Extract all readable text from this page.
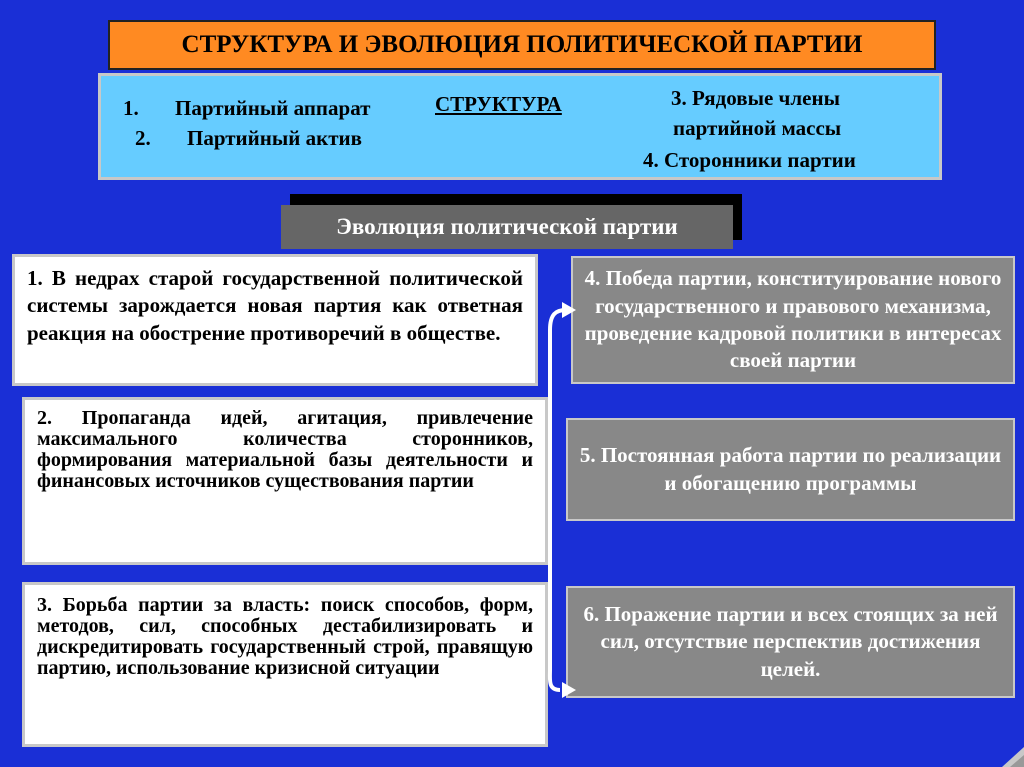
СТРУКТУРА И ЭВОЛЮЦИЯ ПОЛИТИЧЕСКОЙ ПАРТИИ
1. Партийный аппарат
2. Партийный актив
СТРУКТУРА	3. Рядовые члены
партийной массы
4. Сторонники партии
Эволюция политической партии
1. В недрах старой государственной политической системы зарождается новая партия как ответная реакция на обострение противоречий в обществе.
2. Пропаганда идей, агитация, привлечение максимального количества сторонников, формирования материальной базы деятельности и финансовых источников существования партии
3. Борьба партии за власть: поиск способов, форм, методов, сил, способных дестабилизировать и дискредитировать государственный строй, правящую партию, использование кризисной ситуации
4. Победа партии, конституирование нового государственного и правового механизма, проведение кадровой политики в интересах своей партии
5. Постоянная работа партии по реализации и обогащению программы
6. Поражение партии и всех стоящих за ней сил, отсутствие перспектив достижения целей.
